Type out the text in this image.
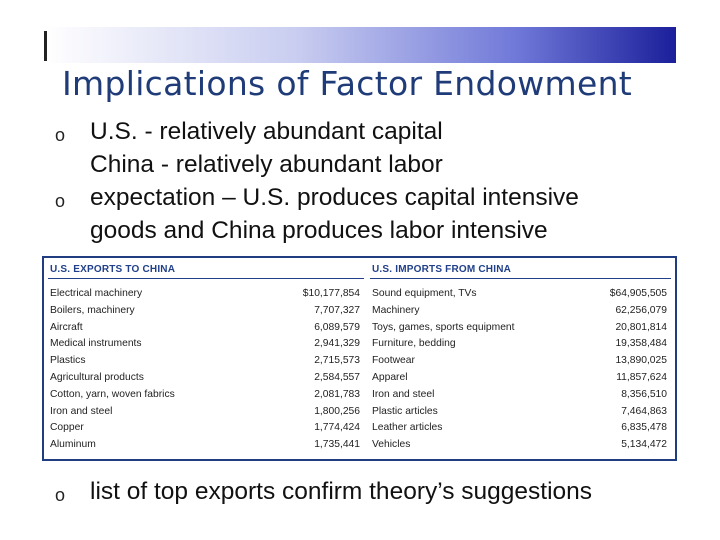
Implications of Factor Endowment
o U.S. - relatively abundant capital
China - relatively abundant labor
o expectation – U.S. produces capital intensive
goods and China produces labor intensive
U.S. EXPORTS TO CHINA
Electrical machinery	$10,177,854
Boilers, machinery	7,707,327
Aircraft	6,089,579
Medical instruments	2,941,329
Plastics	2,715,573
Agricultural products	2,584,557
Cotton, yarn, woven fabrics	2,081,783
Iron and steel	1,800,256
Copper	1,774,424
Aluminum	1,735,441
U.S. IMPORTS FROM CHINA
Sound equipment, TVs	$64,905,505
Machinery	62,256,079
Toys, games, sports equipment	20,801,814
Furniture, bedding	19,358,484
Footwear	13,890,025
Apparel	11,857,624
Iron and steel	8,356,510
Plastic articles	7,464,863
Leather articles	6,835,478
Vehicles	5,134,472
o list of top exports confirm theory’s suggestions
